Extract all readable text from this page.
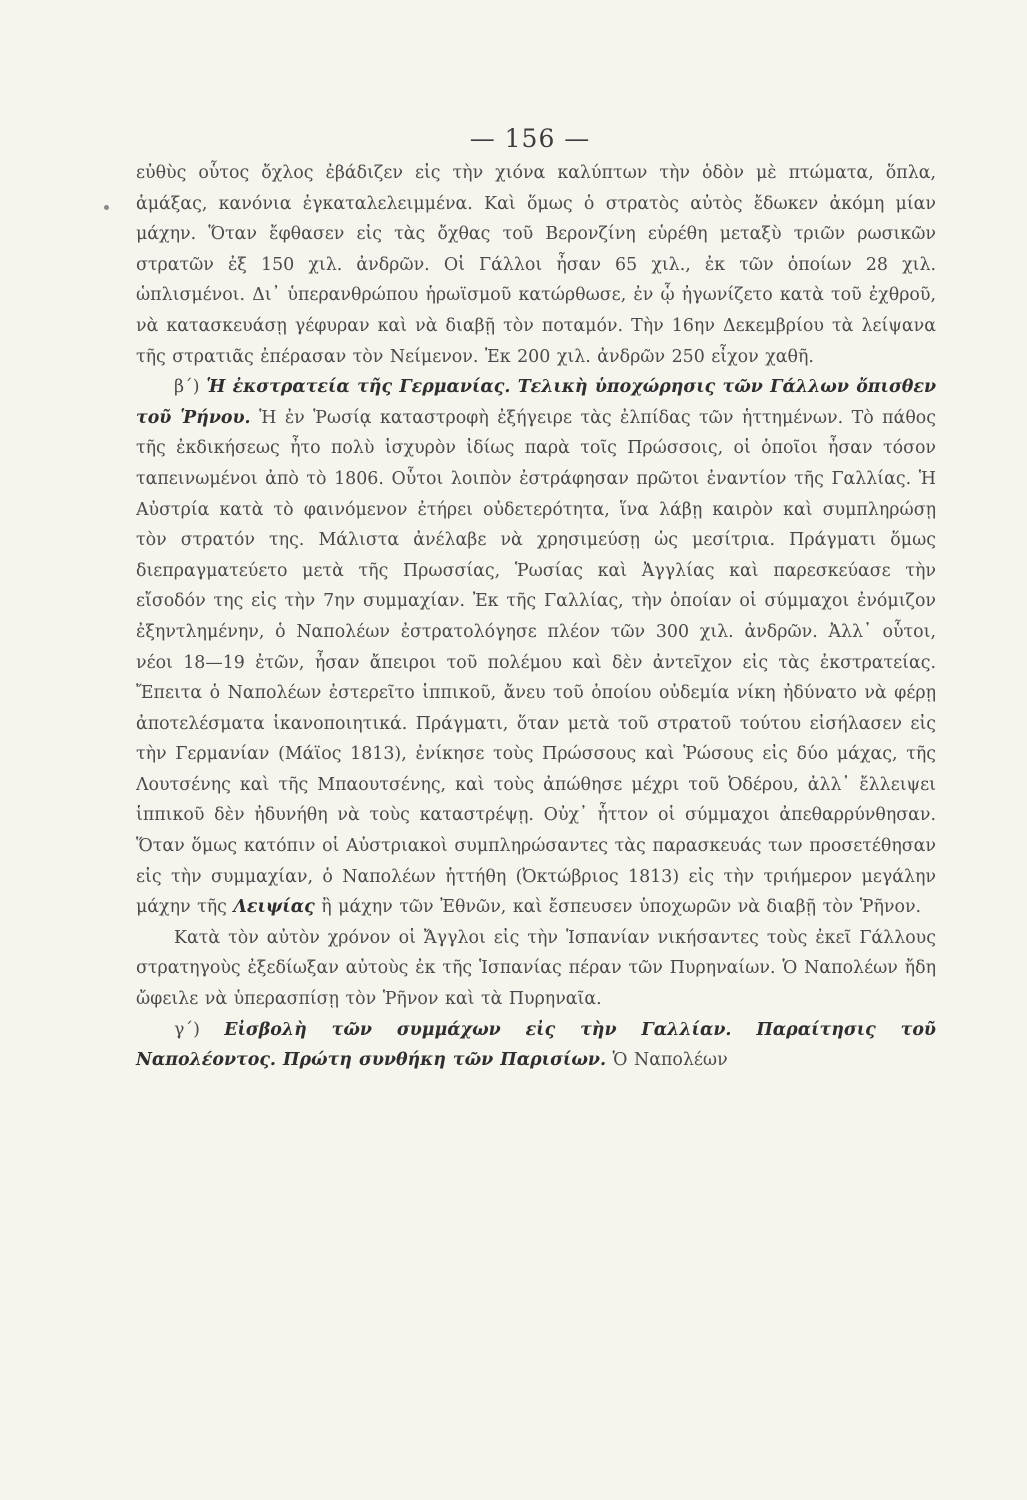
— 156 —

εὐθὺς οὗτος ὄχλος ἐβάδιζεν εἰς τὴν χιόνα καλύπτων τὴν ὁδὸν μὲ πτώματα, ὅπλα, ἁμάξας, κανόνια ἐγκαταλελειμμένα. Καὶ ὅμως ὁ στρατὸς αὐτὸς ἔδωκεν ἀκόμη μίαν μάχην. Ὅταν ἔφθασεν εἰς τὰς ὄχθας τοῦ Βερονζίνη εὑρέθη μεταξὺ τριῶν ρωσικῶν στρατῶν ἐξ 150 χιλ. ἀνδρῶν. Οἱ Γάλλοι ἦσαν 65 χιλ., ἐκ τῶν ὁποίων 28 χιλ. ὡπλισμένοι. Δι᾽ ὑπερανθρώπου ἡρωϊσμοῦ κατώρθωσε, ἐν ᾧ ἠγωνίζετο κατὰ τοῦ ἐχθροῦ, νὰ κατασκευάσῃ γέφυραν καὶ νὰ διαβῇ τὸν ποταμόν. Τὴν 16ην Δεκεμβρίου τὰ λείψανα τῆς στρατιᾶς ἐπέρασαν τὸν Νείμενον. Ἐκ 200 χιλ. ἀνδρῶν 250 εἶχον χαθῆ.

β΄) Ἡ ἐκστρατεία τῆς Γερμανίας. Τελικὴ ὑποχώρησις τῶν Γάλλων ὄπισθεν τοῦ Ῥήνου. Ἡ ἐν Ῥωσίᾳ καταστροφὴ ἐξήγειρε τὰς ἐλπίδας τῶν ἡττημένων. Τὸ πάθος τῆς ἐκδικήσεως ἦτο πολὺ ἰσχυρὸν ἰδίως παρὰ τοῖς Πρώσσοις, οἱ ὁποῖοι ἦσαν τόσον ταπεινωμένοι ἀπὸ τὸ 1806. Οὗτοι λοιπὸν ἐστράφησαν πρῶτοι ἐναντίον τῆς Γαλλίας. Ἡ Αὐστρία κατὰ τὸ φαινόμενον ἐτήρει οὐδετερότητα, ἵνα λάβῃ καιρὸν καὶ συμπληρώσῃ τὸν στρατόν της. Μάλιστα ἀνέλαβε νὰ χρησιμεύσῃ ὡς μεσίτρια. Πράγματι ὅμως διεπραγματεύετο μετὰ τῆς Πρωσσίας, Ῥωσίας καὶ Ἀγγλίας καὶ παρεσκεύασε τὴν εἴσοδόν της εἰς τὴν 7ην συμμαχίαν. Ἐκ τῆς Γαλλίας, τὴν ὁποίαν οἱ σύμμαχοι ἐνόμιζον ἐξηντλημένην, ὁ Ναπολέων ἐστρατολόγησε πλέον τῶν 300 χιλ. ἀνδρῶν. Ἀλλ᾽ οὗτοι, νέοι 18—19 ἐτῶν, ἦσαν ἄπειροι τοῦ πολέμου καὶ δὲν ἀντεῖχον εἰς τὰς ἐκστρατείας. Ἔπειτα ὁ Ναπολέων ἐστερεῖτο ἱππικοῦ, ἄνευ τοῦ ὁποίου οὐδεμία νίκη ἠδύνατο νὰ φέρῃ ἀποτελέσματα ἱκανοποιητικά. Πράγματι, ὅταν μετὰ τοῦ στρατοῦ τούτου εἰσήλασεν εἰς τὴν Γερμανίαν (Μάϊος 1813), ἐνίκησε τοὺς Πρώσσους καὶ Ῥώσους εἰς δύο μάχας, τῆς Λουτσένης καὶ τῆς Μπαουτσένης, καὶ τοὺς ἀπώθησε μέχρι τοῦ Ὀδέρου, ἀλλ᾽ ἔλλειψει ἱππικοῦ δὲν ἠδυνήθη νὰ τοὺς καταστρέψῃ. Οὐχ᾽ ἧττον οἱ σύμμαχοι ἀπεθαρρύνθησαν. Ὅταν ὅμως κατόπιν οἱ Αὐστριακοὶ συμπληρώσαντες τὰς παρασκευάς των προσετέθησαν εἰς τὴν συμμαχίαν, ὁ Ναπολέων ἡττήθη (Ὀκτώβριος 1813) εἰς τὴν τριήμερον μεγάλην μάχην τῆς Λειψίας ἢ μάχην τῶν Ἐθνῶν, καὶ ἔσπευσεν ὑποχωρῶν νὰ διαβῇ τὸν Ῥῆνον.

Κατὰ τὸν αὐτὸν χρόνον οἱ Ἄγγλοι εἰς τὴν Ἱσπανίαν νικήσαντες τοὺς ἐκεῖ Γάλλους στρατηγοὺς ἐξεδίωξαν αὐτοὺς ἐκ τῆς Ἱσπανίας πέραν τῶν Πυρηναίων. Ὁ Ναπολέων ἤδη ὤφειλε νὰ ὑπερασπίσῃ τὸν Ῥῆνον καὶ τὰ Πυρηναῖα.

γ΄) Εἰσβολὴ τῶν συμμάχων εἰς τὴν Γαλλίαν. Παραίτησις τοῦ Ναπολέοντος. Πρώτη συνθήκη τῶν Παρισίων. Ὁ Ναπολέων
